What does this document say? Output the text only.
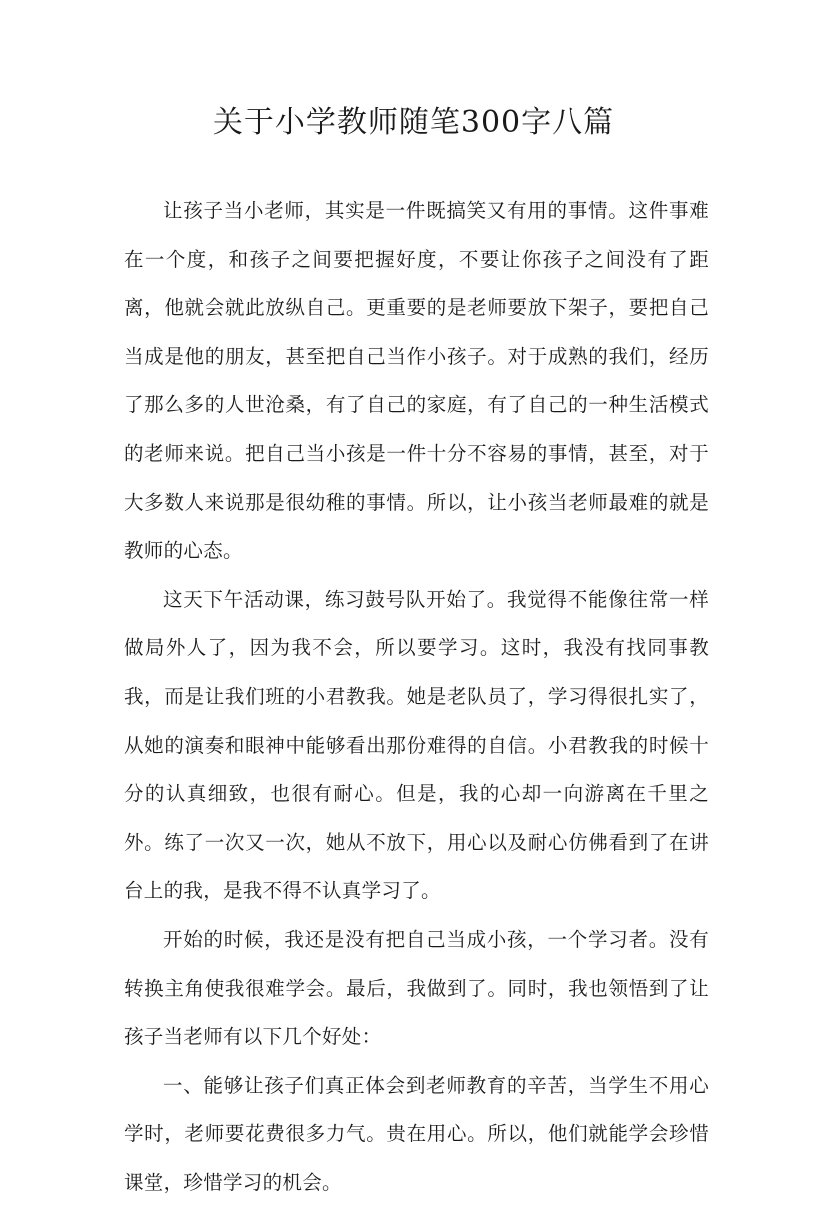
关于小学教师随笔300字八篇

让孩子当小老师，其实是一件既搞笑又有用的事情。这件事难在一个度，和孩子之间要把握好度，不要让你孩子之间没有了距离，他就会就此放纵自己。更重要的是老师要放下架子，要把自己当成是他的朋友，甚至把自己当作小孩子。对于成熟的我们，经历了那么多的人世沧桑，有了自己的家庭，有了自己的一种生活模式的老师来说。把自己当小孩是一件十分不容易的事情，甚至，对于大多数人来说那是很幼稚的事情。所以，让小孩当老师最难的就是教师的心态。

这天下午活动课，练习鼓号队开始了。我觉得不能像往常一样做局外人了，因为我不会，所以要学习。这时，我没有找同事教我，而是让我们班的小君教我。她是老队员了，学习得很扎实了，从她的演奏和眼神中能够看出那份难得的自信。小君教我的时候十分的认真细致，也很有耐心。但是，我的心却一向游离在千里之外。练了一次又一次，她从不放下，用心以及耐心仿佛看到了在讲台上的我，是我不得不认真学习了。

开始的时候，我还是没有把自己当成小孩，一个学习者。没有转换主角使我很难学会。最后，我做到了。同时，我也领悟到了让孩子当老师有以下几个好处：

一、能够让孩子们真正体会到老师教育的辛苦，当学生不用心学时，老师要花费很多力气。贵在用心。所以，他们就能学会珍惜课堂，珍惜学习的机会。
